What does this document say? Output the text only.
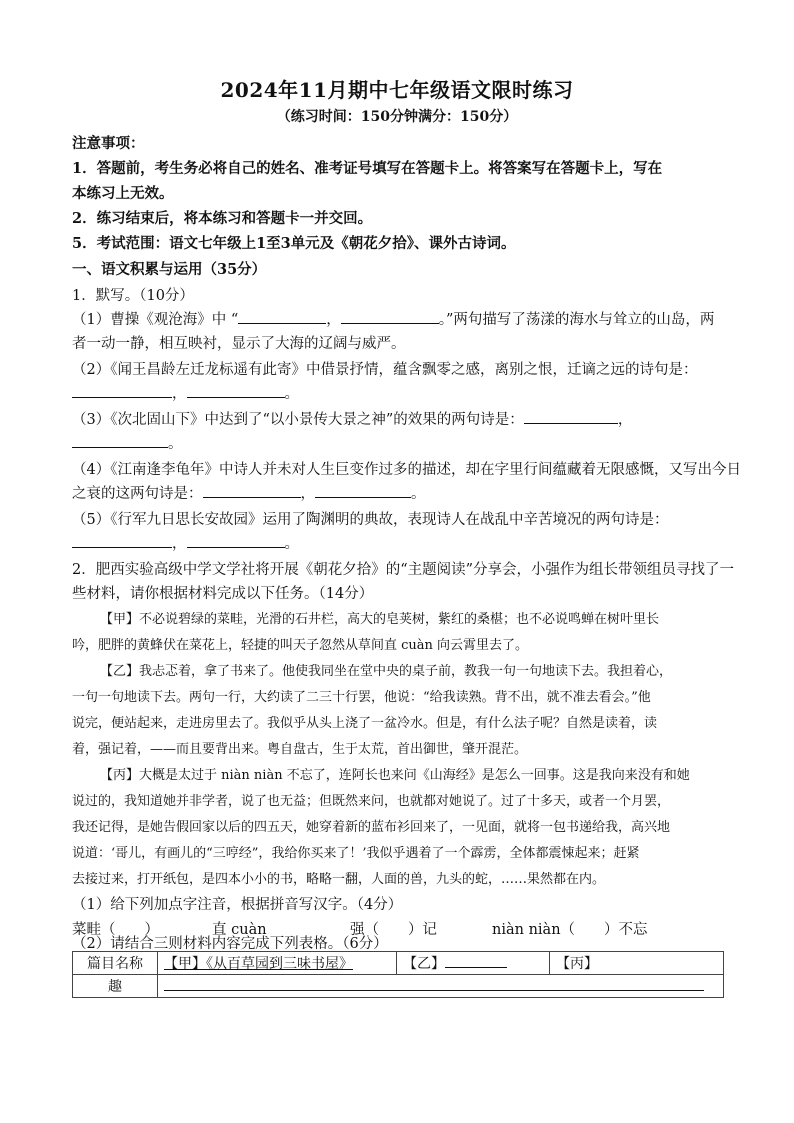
2024年11月期中七年级语文限时练习
（练习时间：150分钟满分：150分）
注意事项：
1．答题前，考生务必将自己的姓名、准考证号填写在答题卡上。将答案写在答题卡上，写在
本练习上无效。
2．练习结束后，将本练习和答题卡一并交回。
5．考试范围：语文七年级上1至3单元及《朝花夕拾》、课外古诗词。
一、语文积累与运用（35分）
1．默写。（10分）
（1）曹操《观沧海》中 “	，	。”两句描写了荡漾的海水与耸立的山岛，两
者一动一静，相互映衬，显示了大海的辽阔与威严。
（2）《闻王昌龄左迁龙标遥有此寄》中借景抒情，蕴含飘零之感，离别之恨，迁谪之远的诗句是：
，	。
（3）《次北固山下》中达到了“以小景传大景之神”的效果的两句诗是：	，
。
（4）《江南逢李龟年》中诗人并未对人生巨变作过多的描述，却在字里行间蕴藏着无限感慨，又写出今日
之衰的这两句诗是：	，	。
（5）《行军九日思长安故园》运用了陶渊明的典故，表现诗人在战乱中辛苦境况的两句诗是：
，	。
2．肥西实验高级中学文学社将开展《朝花夕拾》的“主题阅读”分享会，小强作为组长带领组员寻找了一
些材料，请你根据材料完成以下任务。（14分）
【甲】不必说碧绿的菜畦，光滑的石井栏，高大的皂荚树，紫红的桑椹；也不必说鸣蝉在树叶里长
吟，肥胖的黄蜂伏在菜花上，轻捷的叫天子忽然从草间直 cuàn 向云霄里去了。
【乙】我忐忑着，拿了书来了。他使我同坐在堂中央的桌子前，教我一句一句地读下去。我担着心，
一句一句地读下去。两句一行，大约读了二三十行罢，他说：“给我读熟。背不出，就不准去看会。”他
说完，便站起来，走进房里去了。我似乎从头上浇了一盆冷水。但是，有什么法子呢？自然是读着，读
着，强记着，——而且要背出来。粤自盘古，生于太荒，首出御世，肇开混茫。
【丙】大概是太过于 niàn niàn 不忘了，连阿长也来问《山海经》是怎么一回事。这是我向来没有和她
说过的，我知道她并非学者，说了也无益；但既然来问，也就都对她说了。过了十多天，或者一个月罢，
我还记得，是她告假回家以后的四五天，她穿着新的蓝布衫回来了，一见面，就将一包书递给我，高兴地
说道：‘哥儿，有画儿的“三哼经”，我给你买来了！’我似乎遇着了一个霹雳，全体都震悚起来；赶紧
去接过来，打开纸包，是四本小小的书，略略一翻，人面的兽，九头的蛇，……果然都在内。
（1）给下列加点字注音，根据拼音写汉字。（4分）
菜畦（　　）	直 cuàn	强（　　）记	niàn niàn（　　）不忘
（2）请结合三则材料内容完成下列表格。（6分）
篇目名称	【甲】《从百草园到三味书屋》	【乙】	【丙】
趣			
